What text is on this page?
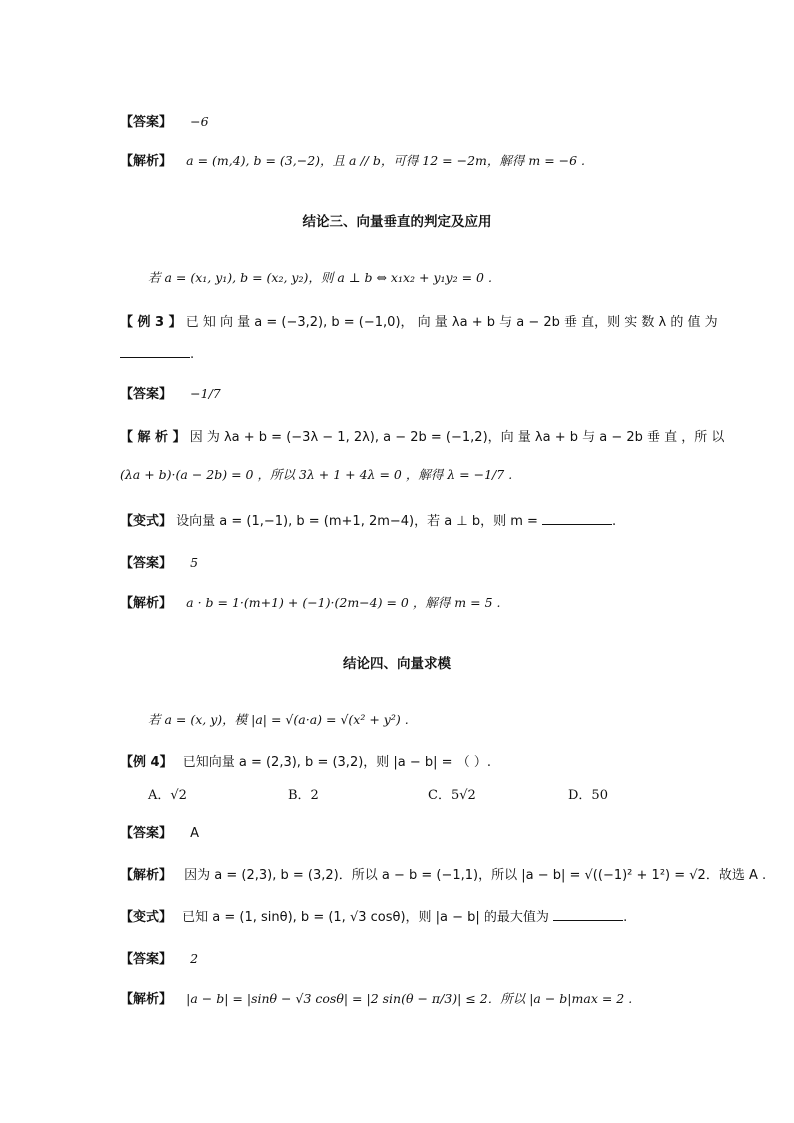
【答案】 −6
【解析】 a = (m,4), b = (3,−2)，且 a // b，可得 12 = −2m，解得 m = −6 .
结论三、向量垂直的判定及应用
若 a = (x₁, y₁), b = (x₂, y₂)，则 a ⊥ b ⇔ x₁x₂ + y₁y₂ = 0 .
【 例 3 】 已 知 向 量 a = (−3,2), b = (−1,0)， 向 量 λa + b 与 a − 2b 垂 直，则 实 数 λ 的 值 为
.
【答案】 −1/7
【 解 析 】 因 为 λa + b = (−3λ − 1, 2λ), a − 2b = (−1,2)，向 量 λa + b 与 a − 2b 垂 直 ，所 以
(λa + b)·(a − 2b) = 0 ，所以 3λ + 1 + 4λ = 0 ，解得 λ = −1/7 .
【变式】 设向量 a = (1,−1), b = (m+1, 2m−4)，若 a ⊥ b，则 m =	.
【答案】 5
【解析】 a · b = 1·(m+1) + (−1)·(2m−4) = 0 ，解得 m = 5 .
结论四、向量求模
若 a = (x, y)，模 |a| = √(a·a) = √(x² + y²) .
【例 4】 已知向量 a = (2,3), b = (3,2)，则 |a − b| = （ ）.
A．√2	B．2	C．5√2	D．50
【答案】 A
【解析】 因为 a = (2,3), b = (3,2)．所以 a − b = (−1,1)，所以 |a − b| = √((−1)² + 1²) = √2．故选 A .
【变式】 已知 a = (1, sinθ), b = (1, √3 cosθ)，则 |a − b| 的最大值为	.
【答案】 2
【解析】 |a − b| = |sinθ − √3 cosθ| = |2 sin(θ − π/3)| ≤ 2．所以 |a − b|max = 2 .
